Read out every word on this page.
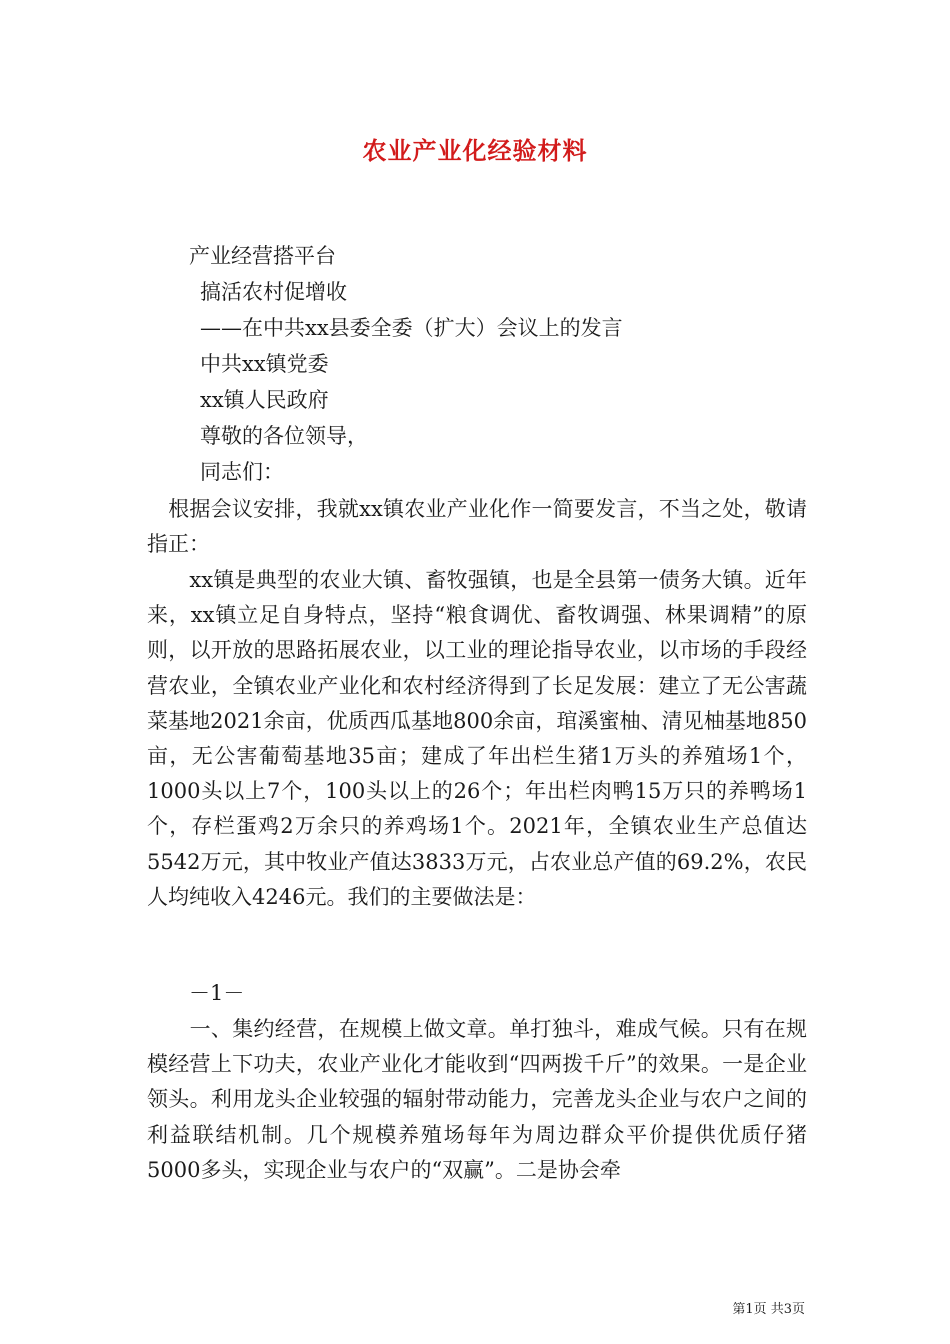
农业产业化经验材料
产业经营搭平台
搞活农村促增收
——在中共xx县委全委（扩大）会议上的发言
中共xx镇党委
xx镇人民政府
尊敬的各位领导，
同志们：
　根据会议安排，我就xx镇农业产业化作一简要发言，不当之处，敬请指正：
　　xx镇是典型的农业大镇、畜牧强镇，也是全县第一债务大镇。近年来，xx镇立足自身特点，坚持“粮食调优、畜牧调强、林果调精”的原则，以开放的思路拓展农业，以工业的理论指导农业，以市场的手段经营农业，全镇农业产业化和农村经济得到了长足发展：建立了无公害蔬菜基地2021余亩，优质西瓜基地800余亩，琯溪蜜柚、清见柚基地850亩，无公害葡萄基地35亩；建成了年出栏生猪1万头的养殖场1个，1000头以上7个，100头以上的26个；年出栏肉鸭15万只的养鸭场1个，存栏蛋鸡2万余只的养鸡场1个。2021年，全镇农业生产总值达5542万元，其中牧业产值达3833万元，占农业总产值的69.2%，农民人均纯收入4246元。我们的主要做法是：
　　－1－
　　一、集约经营，在规模上做文章。单打独斗，难成气候。只有在规模经营上下功夫，农业产业化才能收到“四两拨千斤”的效果。一是企业领头。利用龙头企业较强的辐射带动能力，完善龙头企业与农户之间的利益联结机制。几个规模养殖场每年为周边群众平价提供优质仔猪5000多头，实现企业与农户的“双赢”。二是协会牵
第1页 共3页
